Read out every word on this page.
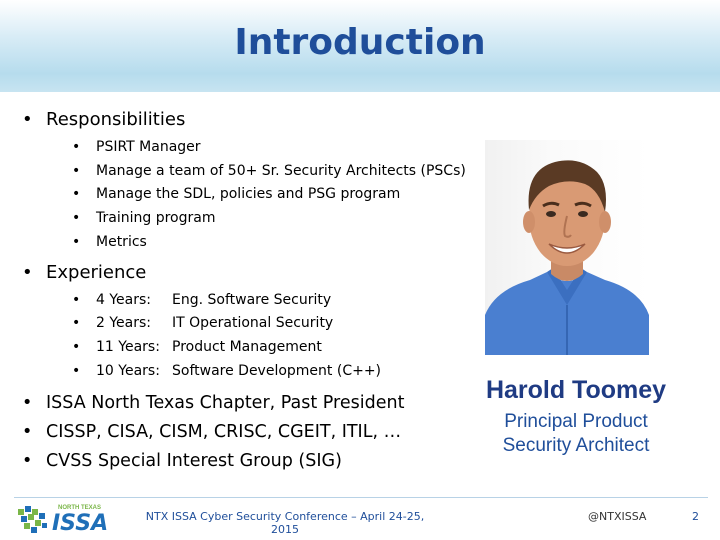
Introduction
• Responsibilities
• PSIRT Manager
• Manage a team of 50+ Sr. Security Architects (PSCs)
• Manage the SDL, policies and PSG program
• Training program
• Metrics
• Experience
• 4 Years: Eng. Software Security
• 2 Years: IT Operational Security
• 11 Years: Product Management
• 10 Years: Software Development (C++)
• ISSA North Texas Chapter, Past President
• CISSP, CISA, CISM, CRISC, CGEIT, ITIL, …
• CVSS Special Interest Group (SIG)
Harold Toomey
Principal Product
Security Architect
NORTH TEXAS
ISSA	NTX ISSA Cyber Security Conference – April 24-25, 2015
@NTXISSA	2
